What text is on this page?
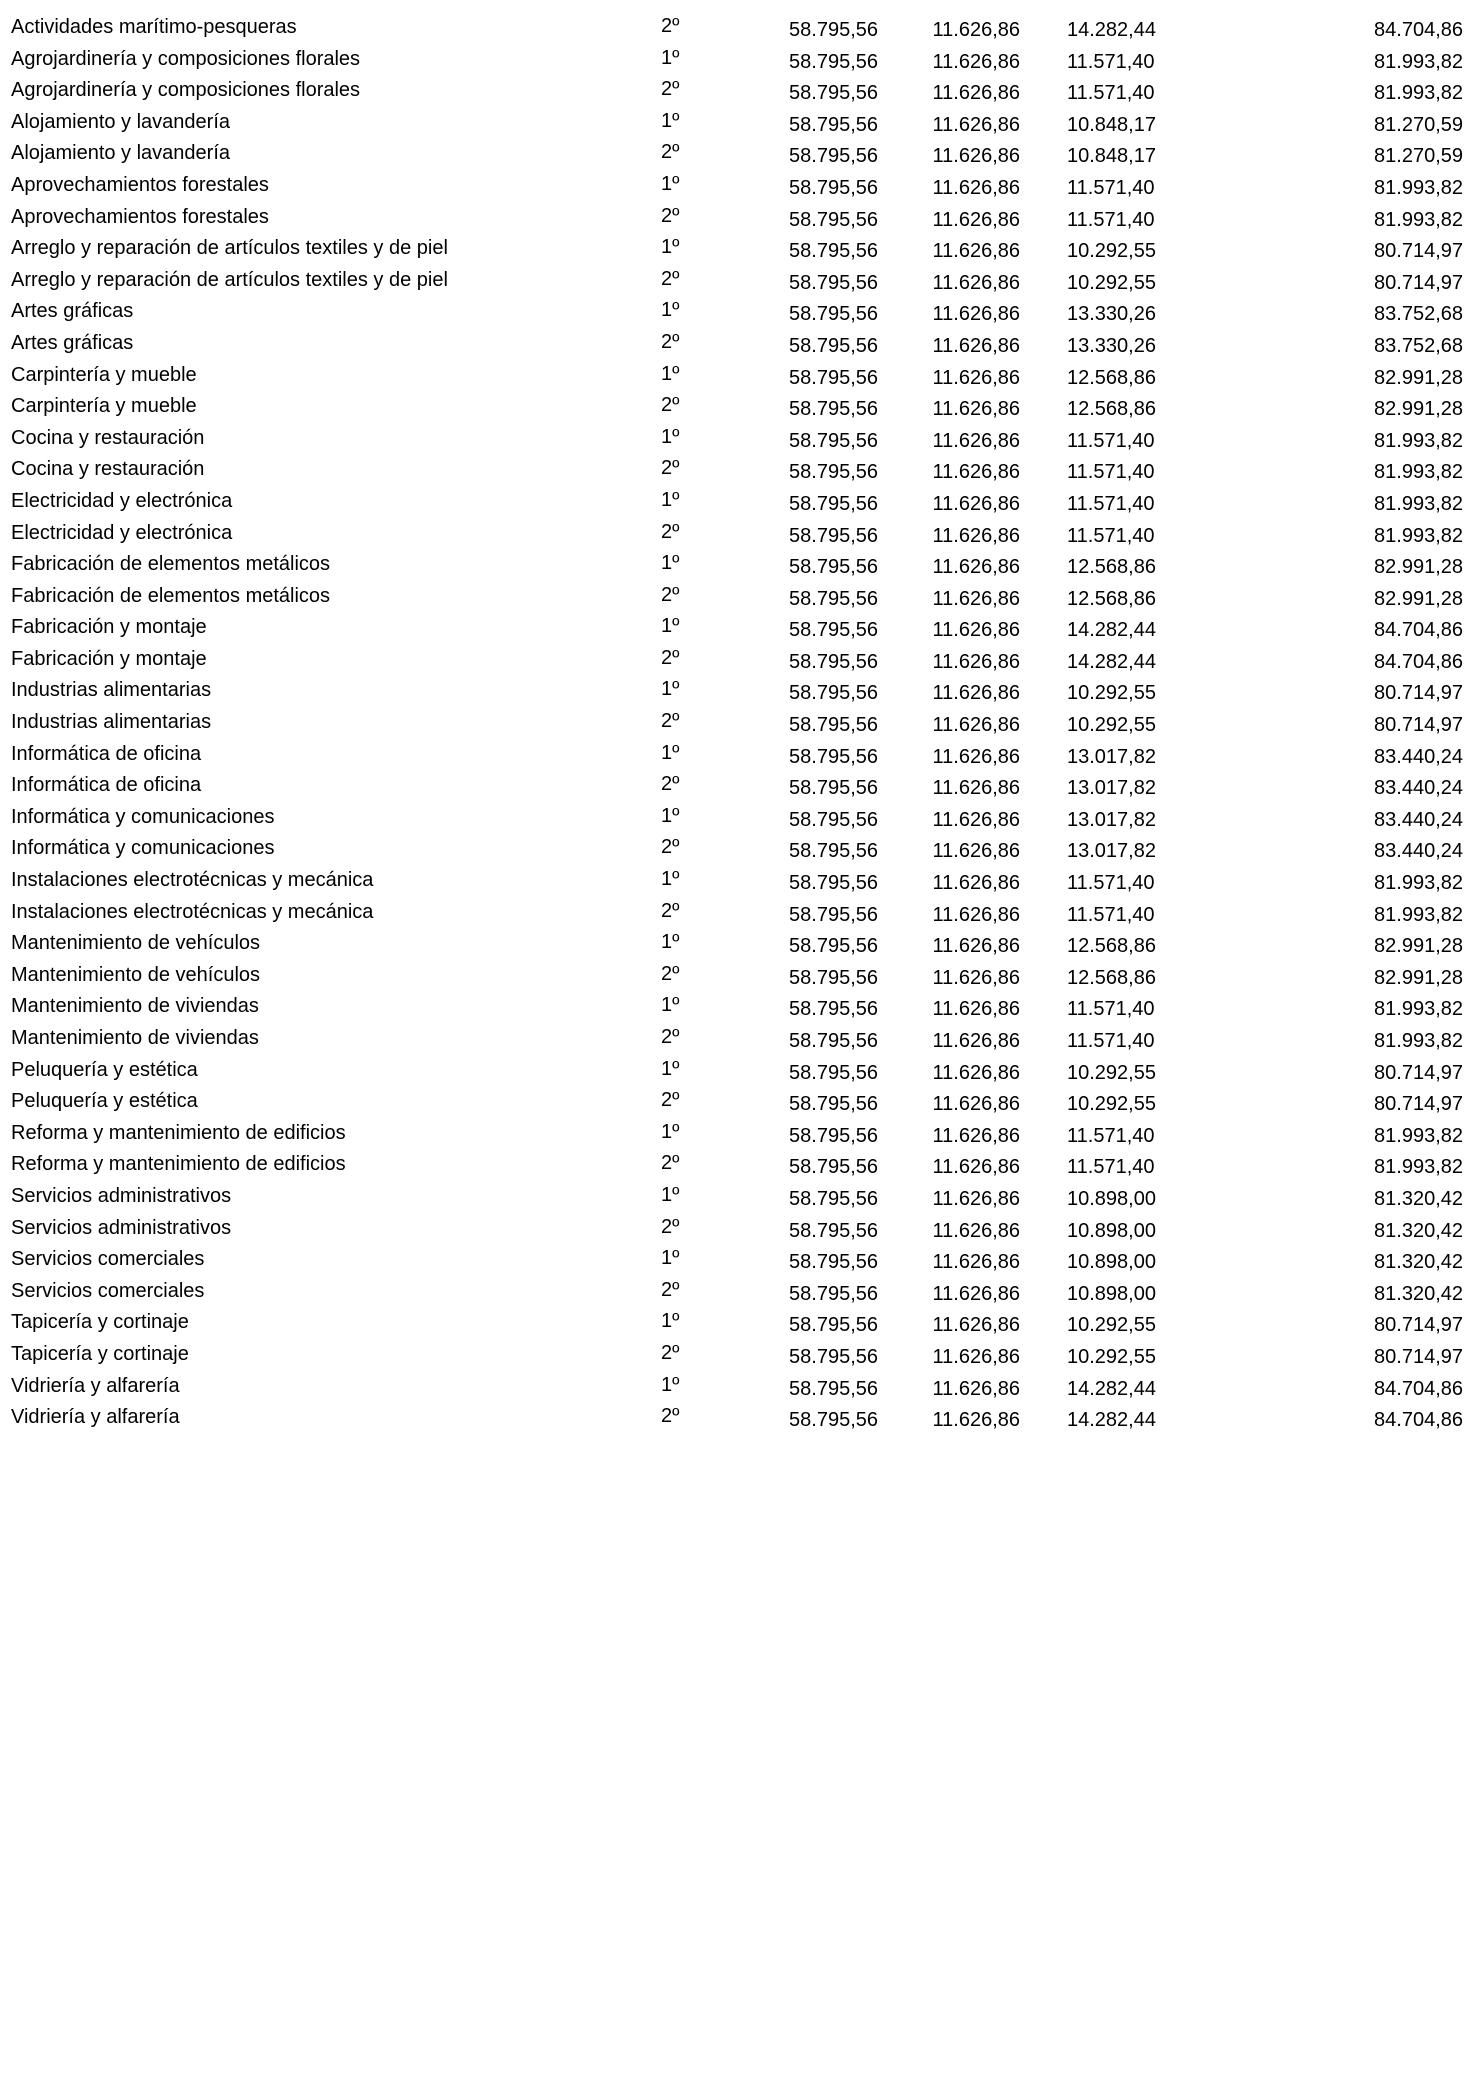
Actividades marítimo-pesqueras	2º	58.795,56	11.626,86 14.282,44	84.704,86
Agrojardinería y composiciones florales	1º	58.795,56	11.626,86 11.571,40	81.993,82
Agrojardinería y composiciones florales	2º	58.795,56	11.626,86 11.571,40	81.993,82
Alojamiento y lavandería	1º	58.795,56	11.626,86 10.848,17	81.270,59
Alojamiento y lavandería	2º	58.795,56	11.626,86 10.848,17	81.270,59
Aprovechamientos forestales	1º	58.795,56	11.626,86 11.571,40	81.993,82
Aprovechamientos forestales	2º	58.795,56	11.626,86 11.571,40	81.993,82
Arreglo y reparación de artículos textiles y de piel	1º	58.795,56	11.626,86 10.292,55	80.714,97
Arreglo y reparación de artículos textiles y de piel	2º	58.795,56	11.626,86 10.292,55	80.714,97
Artes gráficas	1º	58.795,56	11.626,86 13.330,26	83.752,68
Artes gráficas	2º	58.795,56	11.626,86 13.330,26	83.752,68
Carpintería y mueble	1º	58.795,56	11.626,86 12.568,86	82.991,28
Carpintería y mueble	2º	58.795,56	11.626,86 12.568,86	82.991,28
Cocina y restauración	1º	58.795,56	11.626,86 11.571,40	81.993,82
Cocina y restauración	2º	58.795,56	11.626,86 11.571,40	81.993,82
Electricidad y electrónica	1º	58.795,56	11.626,86 11.571,40	81.993,82
Electricidad y electrónica	2º	58.795,56	11.626,86 11.571,40	81.993,82
Fabricación de elementos metálicos	1º	58.795,56	11.626,86 12.568,86	82.991,28
Fabricación de elementos metálicos	2º	58.795,56	11.626,86 12.568,86	82.991,28
Fabricación y montaje	1º	58.795,56	11.626,86 14.282,44	84.704,86
Fabricación y montaje	2º	58.795,56	11.626,86 14.282,44	84.704,86
Industrias alimentarias	1º	58.795,56	11.626,86 10.292,55	80.714,97
Industrias alimentarias	2º	58.795,56	11.626,86 10.292,55	80.714,97
Informática de oficina	1º	58.795,56	11.626,86 13.017,82	83.440,24
Informática de oficina	2º	58.795,56	11.626,86 13.017,82	83.440,24
Informática y comunicaciones	1º	58.795,56	11.626,86 13.017,82	83.440,24
Informática y comunicaciones	2º	58.795,56	11.626,86 13.017,82	83.440,24
Instalaciones electrotécnicas y mecánica	1º	58.795,56	11.626,86 11.571,40	81.993,82
Instalaciones electrotécnicas y mecánica	2º	58.795,56	11.626,86 11.571,40	81.993,82
Mantenimiento de vehículos	1º	58.795,56	11.626,86 12.568,86	82.991,28
Mantenimiento de vehículos	2º	58.795,56	11.626,86 12.568,86	82.991,28
Mantenimiento de viviendas	1º	58.795,56	11.626,86 11.571,40	81.993,82
Mantenimiento de viviendas	2º	58.795,56	11.626,86 11.571,40	81.993,82
Peluquería y estética	1º	58.795,56	11.626,86 10.292,55	80.714,97
Peluquería y estética	2º	58.795,56	11.626,86 10.292,55	80.714,97
Reforma y mantenimiento de edificios	1º	58.795,56	11.626,86 11.571,40	81.993,82
Reforma y mantenimiento de edificios	2º	58.795,56	11.626,86 11.571,40	81.993,82
Servicios administrativos	1º	58.795,56	11.626,86 10.898,00	81.320,42
Servicios administrativos	2º	58.795,56	11.626,86 10.898,00	81.320,42
Servicios comerciales	1º	58.795,56	11.626,86 10.898,00	81.320,42
Servicios comerciales	2º	58.795,56	11.626,86 10.898,00	81.320,42
Tapicería y cortinaje	1º	58.795,56	11.626,86 10.292,55	80.714,97
Tapicería y cortinaje	2º	58.795,56	11.626,86 10.292,55	80.714,97
Vidriería y alfarería	1º	58.795,56	11.626,86 14.282,44	84.704,86
Vidriería y alfarería	2º	58.795,56	11.626,86 14.282,44	84.704,86
